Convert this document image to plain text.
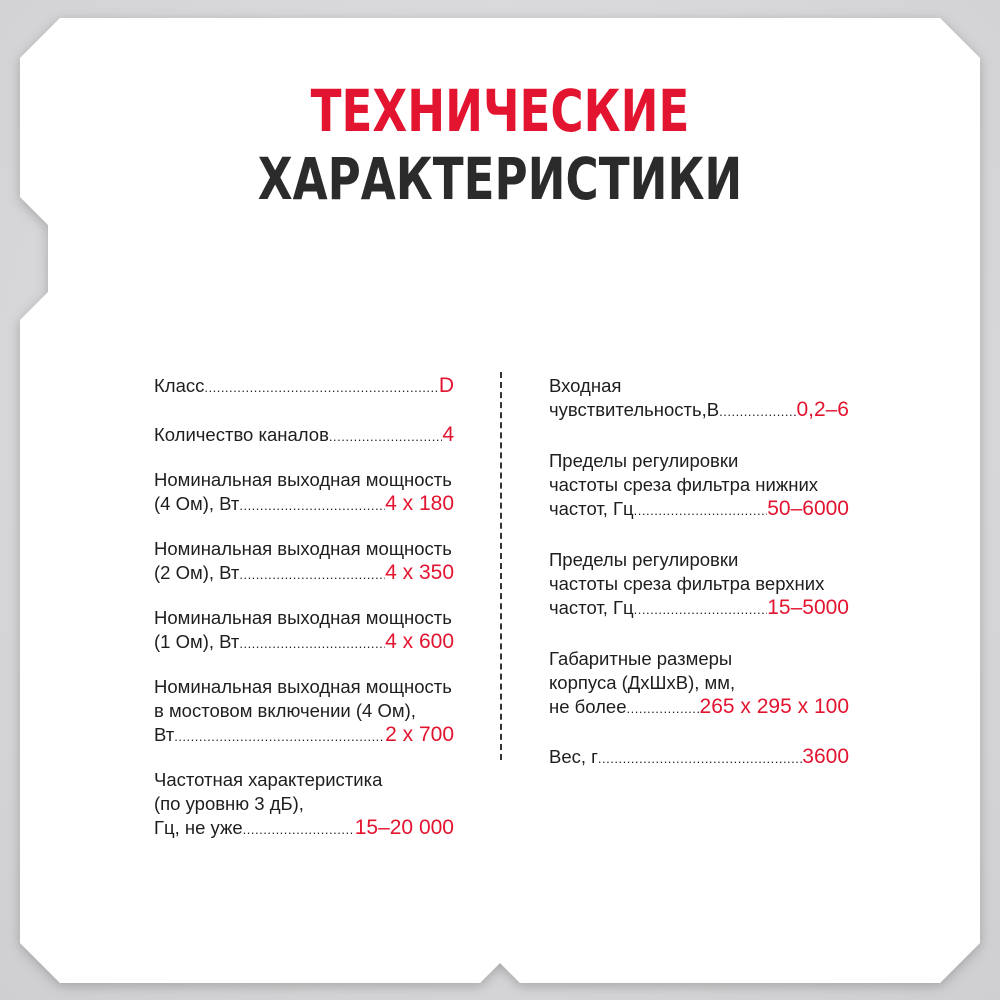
ТЕХНИЧЕСКИЕ
ХАРАКТЕРИСТИКИ
Класс .....	D
Количество каналов .....	4
Номинальная выходная мощность
(4 Ом), Вт .....	4 х 180
Номинальная выходная мощность
(2 Ом), Вт .....	4 х 350
Номинальная выходная мощность
(1 Ом), Вт .....	4 х 600
Номинальная выходная мощность
в мостовом включении (4 Ом),
Вт .....	2 х 700
Частотная характеристика
(по уровню 3 дБ),
Гц, не уже .....	15–20 000
Входная
чувствительность,В .....	0,2–6
Пределы регулировки
частоты среза фильтра нижних
частот, Гц .....	50–6000
Пределы регулировки
частоты среза фильтра верхних
частот, Гц .....	15–5000
Габаритные размеры
корпуса (ДхШхВ), мм,
не более .....	265 х 295 х 100
Вес, г .....	3600
